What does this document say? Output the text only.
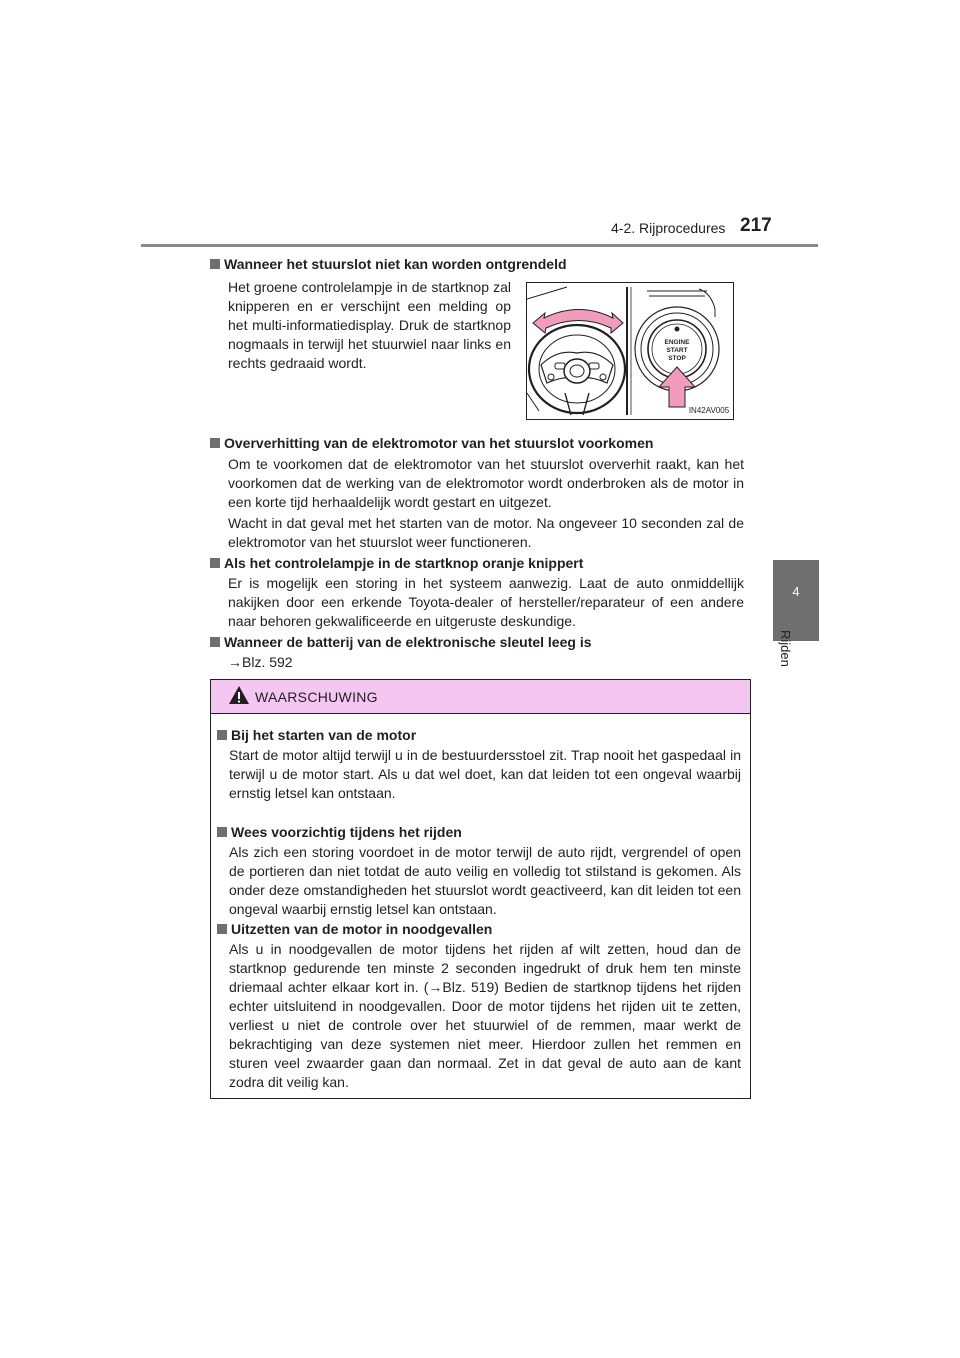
4-2. Rijprocedures 217
4
Rijden
Wanneer het stuurslot niet kan worden ontgrendeld
Het groene controlelampje in de startknop zal knipperen en er verschijnt een melding op het multi-informatiedisplay. Druk de startknop nogmaals in terwijl het stuurwiel naar links en rechts gedraaid wordt.
ENGINE
START
STOP
IN42AV005
Oververhitting van de elektromotor van het stuurslot voorkomen
Om te voorkomen dat de elektromotor van het stuurslot oververhit raakt, kan het voorkomen dat de werking van de elektromotor wordt onderbroken als de motor in een korte tijd herhaaldelijk wordt gestart en uitgezet.
Wacht in dat geval met het starten van de motor. Na ongeveer 10 seconden zal de elektromotor van het stuurslot weer functioneren.
Als het controlelampje in de startknop oranje knippert
Er is mogelijk een storing in het systeem aanwezig. Laat de auto onmiddellijk nakijken door een erkende Toyota-dealer of hersteller/reparateur of een andere naar behoren gekwalificeerde en uitgeruste deskundige.
Wanneer de batterij van de elektronische sleutel leeg is
→Blz. 592
WAARSCHUWING
Bij het starten van de motor
Start de motor altijd terwijl u in de bestuurdersstoel zit. Trap nooit het gaspedaal in terwijl u de motor start. Als u dat wel doet, kan dat leiden tot een ongeval waarbij ernstig letsel kan ontstaan.
Wees voorzichtig tijdens het rijden
Als zich een storing voordoet in de motor terwijl de auto rijdt, vergrendel of open de portieren dan niet totdat de auto veilig en volledig tot stilstand is gekomen. Als onder deze omstandigheden het stuurslot wordt geactiveerd, kan dit leiden tot een ongeval waarbij ernstig letsel kan ontstaan.
Uitzetten van de motor in noodgevallen
Als u in noodgevallen de motor tijdens het rijden af wilt zetten, houd dan de startknop gedurende ten minste 2 seconden ingedrukt of druk hem ten minste driemaal achter elkaar kort in. (→Blz. 519) Bedien de startknop tijdens het rijden echter uitsluitend in noodgevallen. Door de motor tijdens het rijden uit te zetten, verliest u niet de controle over het stuurwiel of de remmen, maar werkt de bekrachtiging van deze systemen niet meer. Hierdoor zullen het remmen en sturen veel zwaarder gaan dan normaal. Zet in dat geval de auto aan de kant zodra dit veilig kan.
